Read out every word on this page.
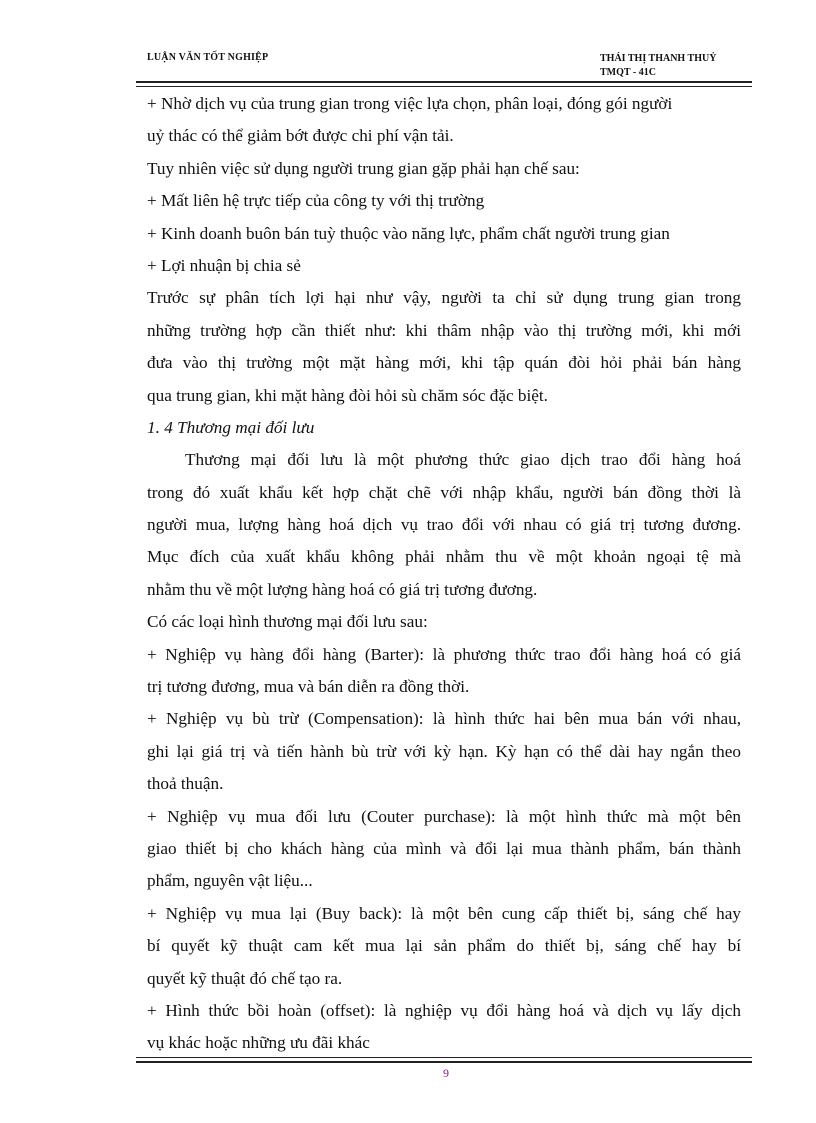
LUẬN VĂN TỐT NGHIỆP	THÁI THỊ THANH THUỶ
TMQT - 41C
+ Nhờ dịch vụ của trung gian trong việc lựa chọn, phân loại, đóng gói người
uỷ thác có thể giảm bớt được chi phí vận tải.
Tuy nhiên việc sử dụng người trung gian gặp phải hạn chế sau:
+ Mất liên hệ trực tiếp của công ty với thị trường
+ Kinh doanh buôn bán tuỳ thuộc vào năng lực, phẩm chất người trung gian
+ Lợi nhuận bị chia sẻ
Trước sự phân tích lợi hại như vậy, người ta chỉ sử dụng trung gian trong
những trường hợp cần thiết như: khi thâm nhập vào thị trường mới, khi mới
đưa vào thị trường một mặt hàng mới, khi tập quán đòi hỏi phải bán hàng
qua trung gian, khi mặt hàng đòi hỏi sù chăm sóc đặc biệt.
1. 4 Thương mại đối lưu
Thương mại đối lưu là một phương thức giao dịch trao đổi hàng hoá
trong đó xuất khẩu kết hợp chặt chẽ với nhập khẩu, người bán đồng thời là
người mua, lượng hàng hoá dịch vụ trao đổi với nhau có giá trị tương đương.
Mục đích của xuất khẩu không phải nhằm thu về một khoản ngoại tệ mà
nhằm thu về một lượng hàng hoá có giá trị tương đương.
Có các loại hình thương mại đối lưu sau:
+ Nghiệp vụ hàng đổi hàng (Barter): là phương thức trao đổi hàng hoá có giá
trị tương đương, mua và bán diễn ra đồng thời.
+ Nghiệp vụ bù trừ (Compensation): là hình thức hai bên mua bán với nhau,
ghi lại giá trị và tiến hành bù trừ với kỳ hạn. Kỳ hạn có thể dài hay ngắn theo
thoả thuận.
+ Nghiệp vụ mua đối lưu (Couter purchase): là một hình thức mà một bên
giao thiết bị cho khách hàng của mình và đổi lại mua thành phẩm, bán thành
phẩm, nguyên vật liệu...
+ Nghiệp vụ mua lại (Buy back): là một bên cung cấp thiết bị, sáng chế hay
bí quyết kỹ thuật cam kết mua lại sản phẩm do thiết bị, sáng chế hay bí
quyết kỹ thuật đó chế tạo ra.
+ Hình thức bồi hoàn (offset): là nghiệp vụ đổi hàng hoá và dịch vụ lấy dịch
vụ khác hoặc những ưu đãi khác
9
